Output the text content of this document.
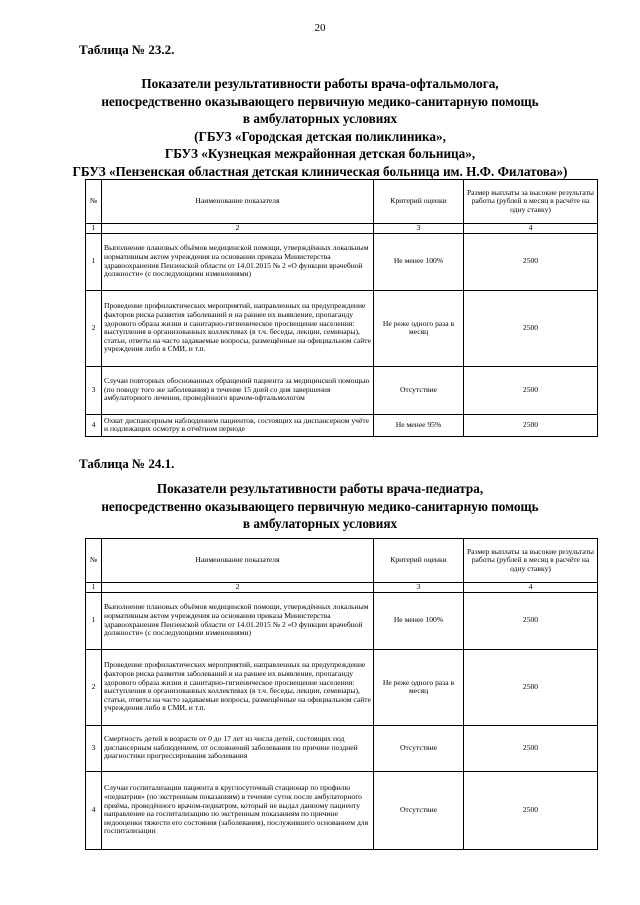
20
Таблица № 23.2.
Показатели результативности работы врача-офтальмолога,
непосредственно оказывающего первичную медико-санитарную помощь
в амбулаторных условиях
(ГБУЗ «Городская детская поликлиника»,
ГБУЗ «Кузнецкая межрайонная детская больница»,
ГБУЗ «Пензенская областная детская клиническая больница им. Н.Ф. Филатова»)
№	Наименование показателя	Критерий оценки	Размер выплаты за высокие результаты работы (рублей в месяц в расчёте на одну ставку)
1	2	3	4
1	Выполнение плановых объёмов медицинской помощи, утверждённых локальным нормативным актом учреждения на основании приказа Министерства здравоохранения Пензенской области от 14.01.2015 № 2 «О функции врачебной должности» (с последующими изменениями)	Не менее 100%	2500
2	Проведение профилактических мероприятий, направленных на предупреждение факторов риска развития заболеваний и на раннее их выявление, пропаганду здорового образа жизни и санитарно-гигиеническое просвещение населения: выступления в организованных коллективах (в т.ч. беседы, лекции, семинары), статьи, ответы на часто задаваемые вопросы, размещённые на официальном сайте учреждения либо в СМИ, и т.п.	Не реже одного раза в месяц	2500
3	Случаи повторных обоснованных обращений пациента за медицинской помощью (по поводу того же заболевания) в течение 15 дней со дня завершения амбулаторного лечения, проведённого врачом-офтальмологом	Отсутствие	2500
4	Охват диспансерным наблюдением пациентов, состоящих на диспансерном учёте и подлежащих осмотру в отчётном периоде	Не менее 95%	2500
Таблица № 24.1.
Показатели результативности работы врача-педиатра,
непосредственно оказывающего первичную медико-санитарную помощь
в амбулаторных условиях
№	Наименование показателя	Критерий оценки	Размер выплаты за высокие результаты работы (рублей в месяц в расчёте на одну ставку)
1	2	3	4
1	Выполнение плановых объёмов медицинской помощи, утверждённых локальным нормативным актом учреждения на основании приказа Министерства здравоохранения Пензенской области от 14.01.2015 № 2 «О функции врачебной должности» (с последующими изменениями)	Не менее 100%	2500
2	Проведение профилактических мероприятий, направленных на предупреждение факторов риска развития заболеваний и на раннее их выявление, пропаганду здорового образа жизни и санитарно-гигиеническое просвещение населения: выступления в организованных коллективах (в т.ч. беседы, лекции, семинары), статьи, ответы на часто задаваемые вопросы, размещённые на официальном сайте учреждения либо в СМИ, и т.п.	Не реже одного раза в месяц	2500
3	Смертность детей в возрасте от 0 до 17 лет из числа детей, состоящих под диспансерным наблюдением, от осложнений заболевания по причине поздней диагностики прогрессирования заболевания	Отсутствие	2500
4	Случаи госпитализации пациента в круглосуточный стационар по профилю «педиатрия» (по экстренным показаниям) в течение суток после амбулаторного приёма, проведённого врачом-педиатром, который не выдал данному пациенту направление на госпитализацию по экстренным показаниям по причине недооценки тяжести его состояния (заболевания), послужившего основанием для госпитализации	Отсутствие	2500
